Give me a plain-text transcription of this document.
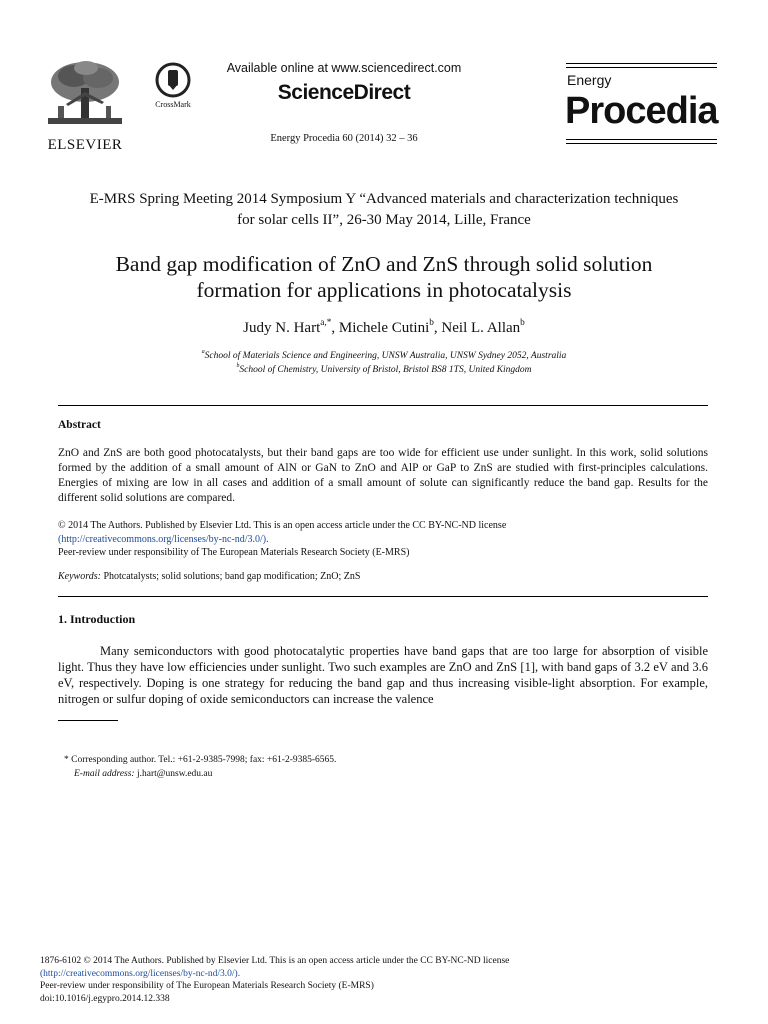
ELSEVIER
CrossMark
Available online at www.sciencedirect.com
ScienceDirect
Energy Procedia 60 (2014) 32 – 36
Energy
Procedia
E-MRS Spring Meeting 2014 Symposium Y “Advanced materials and characterization techniques
for solar cells II”, 26-30 May 2014, Lille, France
Band gap modification of ZnO and ZnS through solid solution
formation for applications in photocatalysis
Judy N. Hart$^{a,*}$, Michele Cutini$^b$, Neil L. Allan$^b$
$^a$School of Materials Science and Engineering, UNSW Australia, UNSW Sydney 2052, Australia
$^b$School of Chemistry, University of Bristol, Bristol BS8 1TS, United Kingdom
Abstract
ZnO and ZnS are both good photocatalysts, but their band gaps are too wide for efficient use under sunlight. In this work, solid solutions formed by the addition of a small amount of AlN or GaN to ZnO and AlP or GaP to ZnS are studied with first-principles calculations. Energies of mixing are low in all cases and addition of a small amount of solute can significantly reduce the band gap. Results for the different solid solutions are compared.
© 2014 The Authors. Published by Elsevier Ltd. This is an open access article under the CC BY-NC-ND license
(http://creativecommons.org/licenses/by-nc-nd/3.0/).
Peer-review under responsibility of The European Materials Research Society (E-MRS)
Keywords: Photcatalysts; solid solutions; band gap modification; ZnO; ZnS
1. Introduction
Many semiconductors with good photocatalytic properties have band gaps that are too large for absorption of visible light. Thus they have low efficiencies under sunlight. Two such examples are ZnO and ZnS [1], with band gaps of 3.2 eV and 3.6 eV, respectively. Doping is one strategy for reducing the band gap and thus increasing visible-light absorption. For example, nitrogen or sulfur doping of oxide semiconductors can increase the valence
* Corresponding author. Tel.: +61-2-9385-7998; fax: +61-2-9385-6565.
E-mail address: j.hart@unsw.edu.au
1876-6102 © 2014 The Authors. Published by Elsevier Ltd. This is an open access article under the CC BY-NC-ND license
(http://creativecommons.org/licenses/by-nc-nd/3.0/).
Peer-review under responsibility of The European Materials Research Society (E-MRS)
doi:10.1016/j.egypro.2014.12.338
